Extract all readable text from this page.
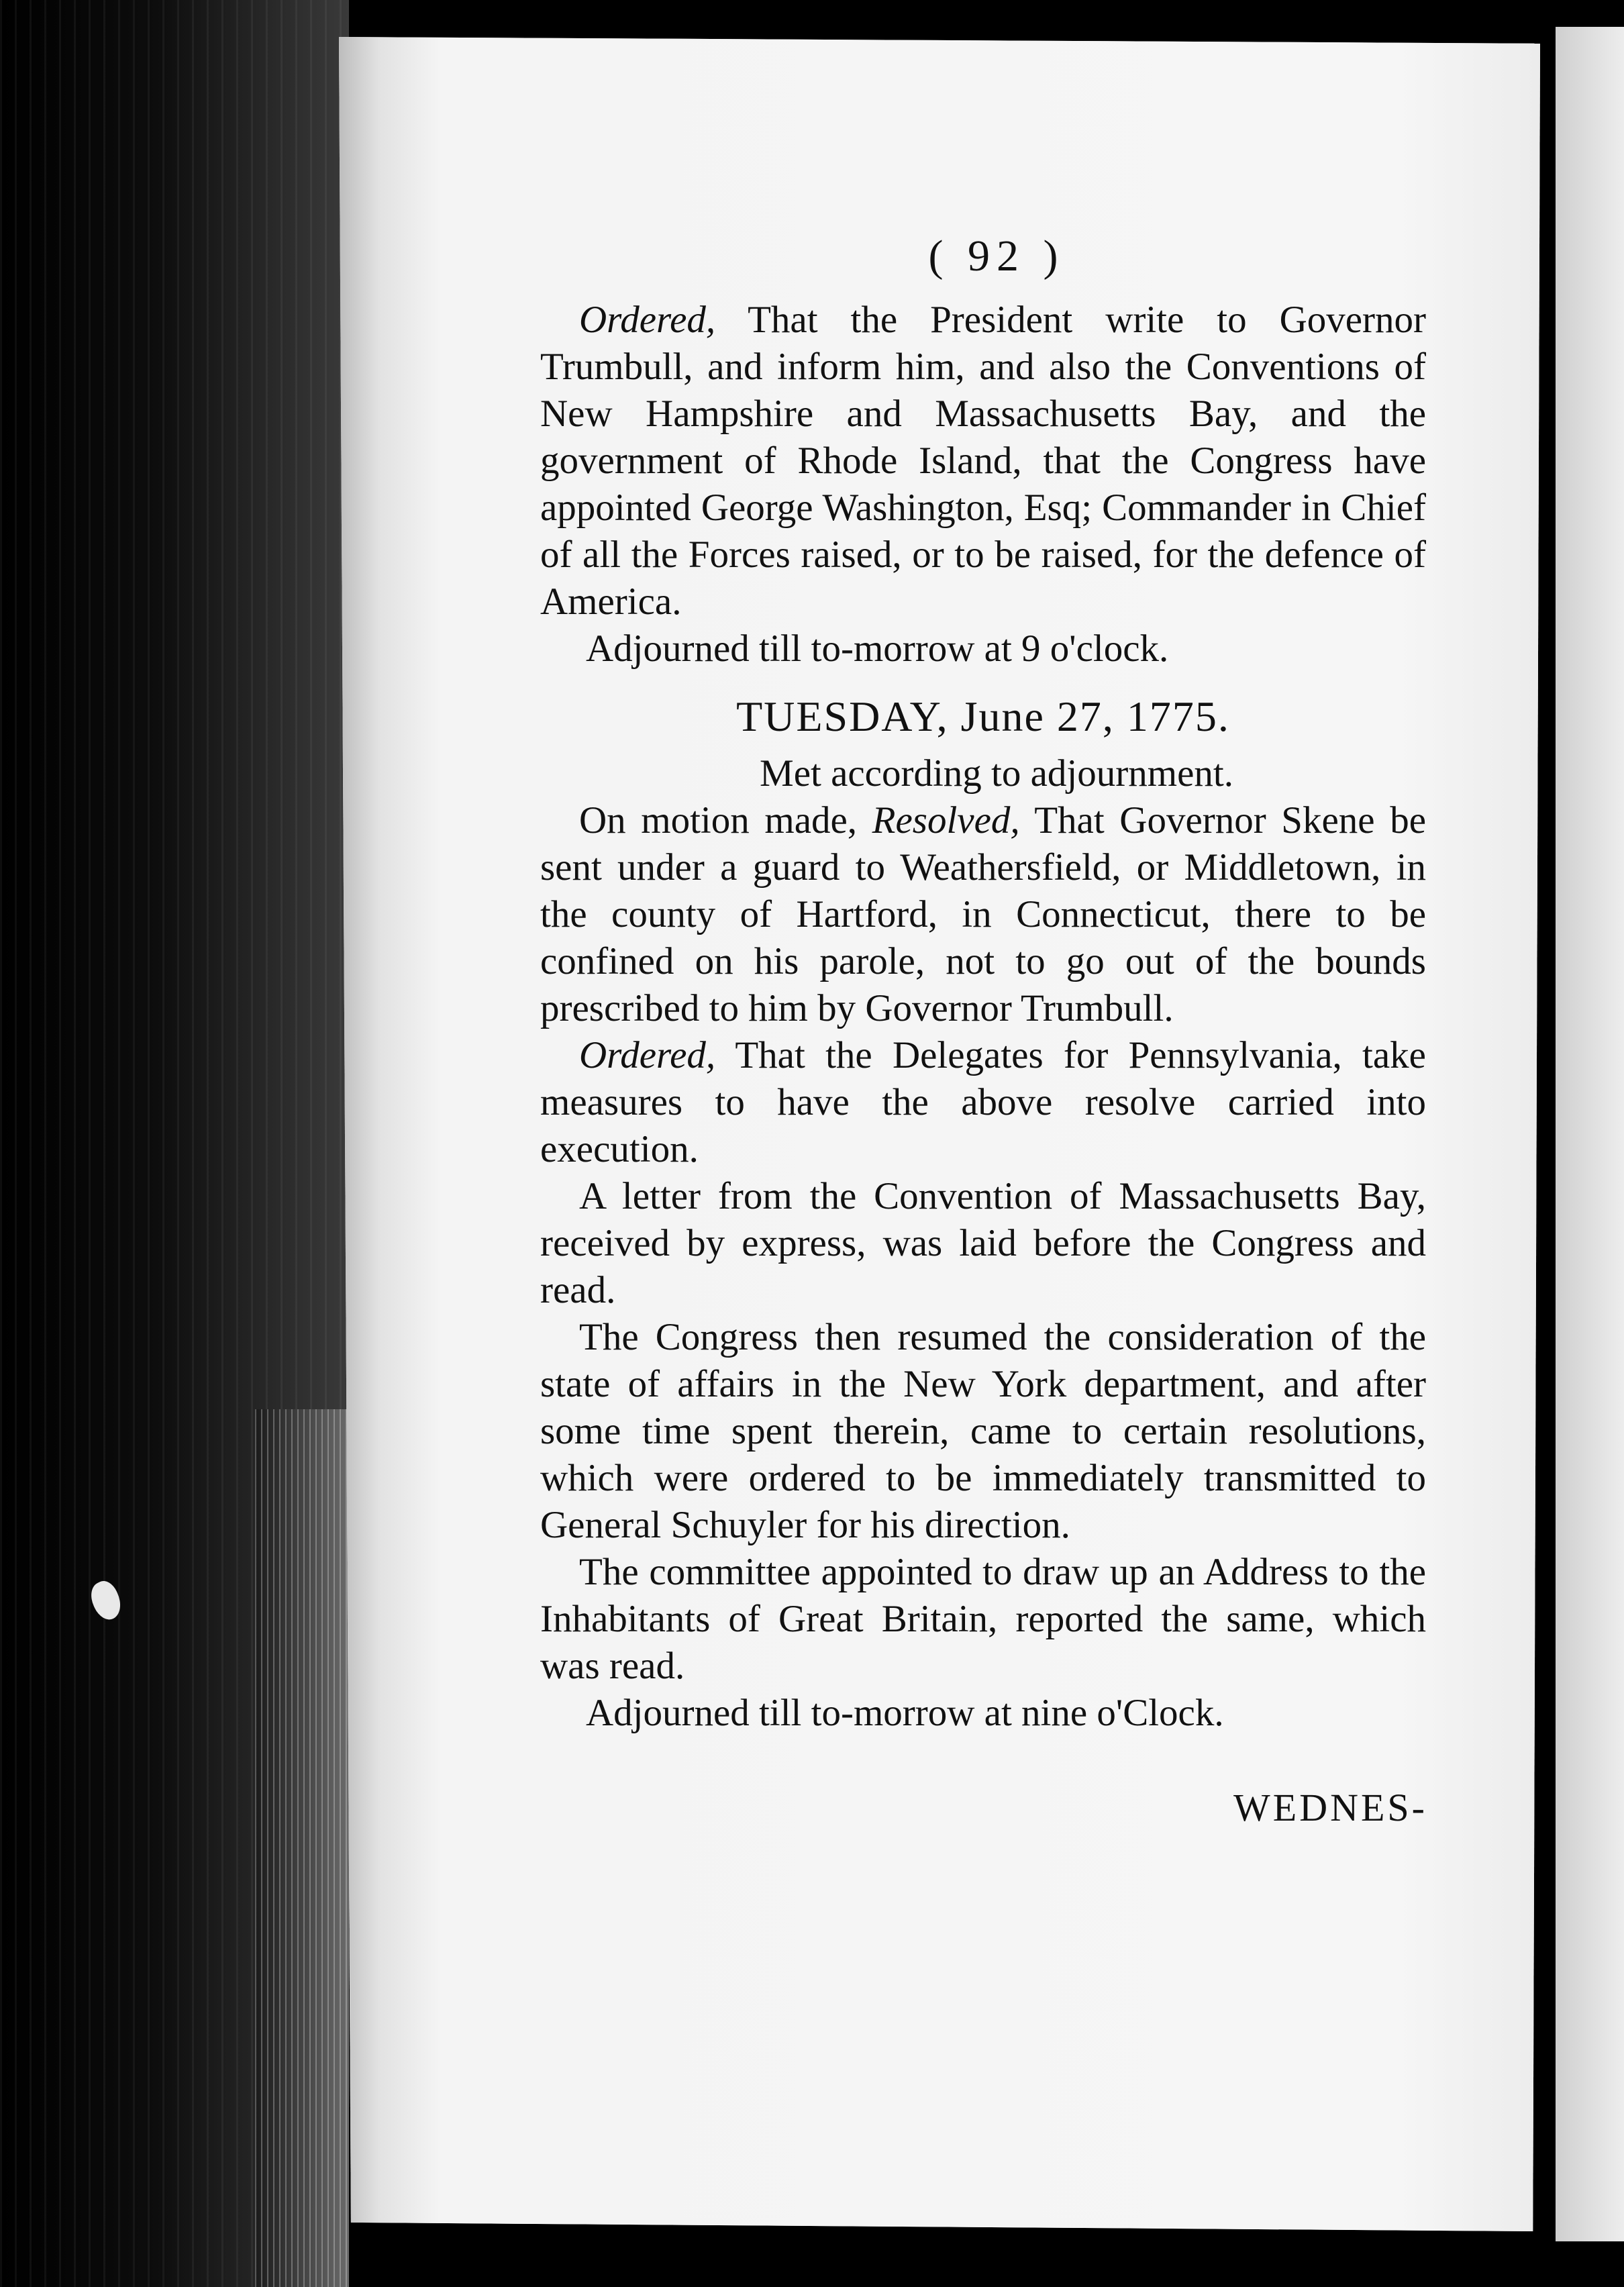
( 92 )

Ordered, That the President write to Governor Trumbull, and inform him, and also the Conventions of New Hampshire and Massachusetts Bay, and the government of Rhode Island, that the Congress have appointed George Washington, Esq; Commander in Chief of all the Forces raised, or to be raised, for the defence of America.

Adjourned till to-morrow at 9 o'clock.

TUESDAY, June 27, 1775.

Met according to adjournment.

On motion made, Resolved, That Governor Skene be sent under a guard to Weathersfield, or Middletown, in the county of Hartford, in Connecticut, there to be confined on his parole, not to go out of the bounds prescribed to him by Governor Trumbull.

Ordered, That the Delegates for Pennsylvania, take measures to have the above resolve carried into execution.

A letter from the Convention of Massachusetts Bay, received by express, was laid before the Congress and read.

The Congress then resumed the consideration of the state of affairs in the New York department, and after some time spent therein, came to certain resolutions, which were ordered to be immediately transmitted to General Schuyler for his direction.

The committee appointed to draw up an Address to the Inhabitants of Great Britain, reported the same, which was read.

Adjourned till to-morrow at nine o'Clock.

WEDNES-
